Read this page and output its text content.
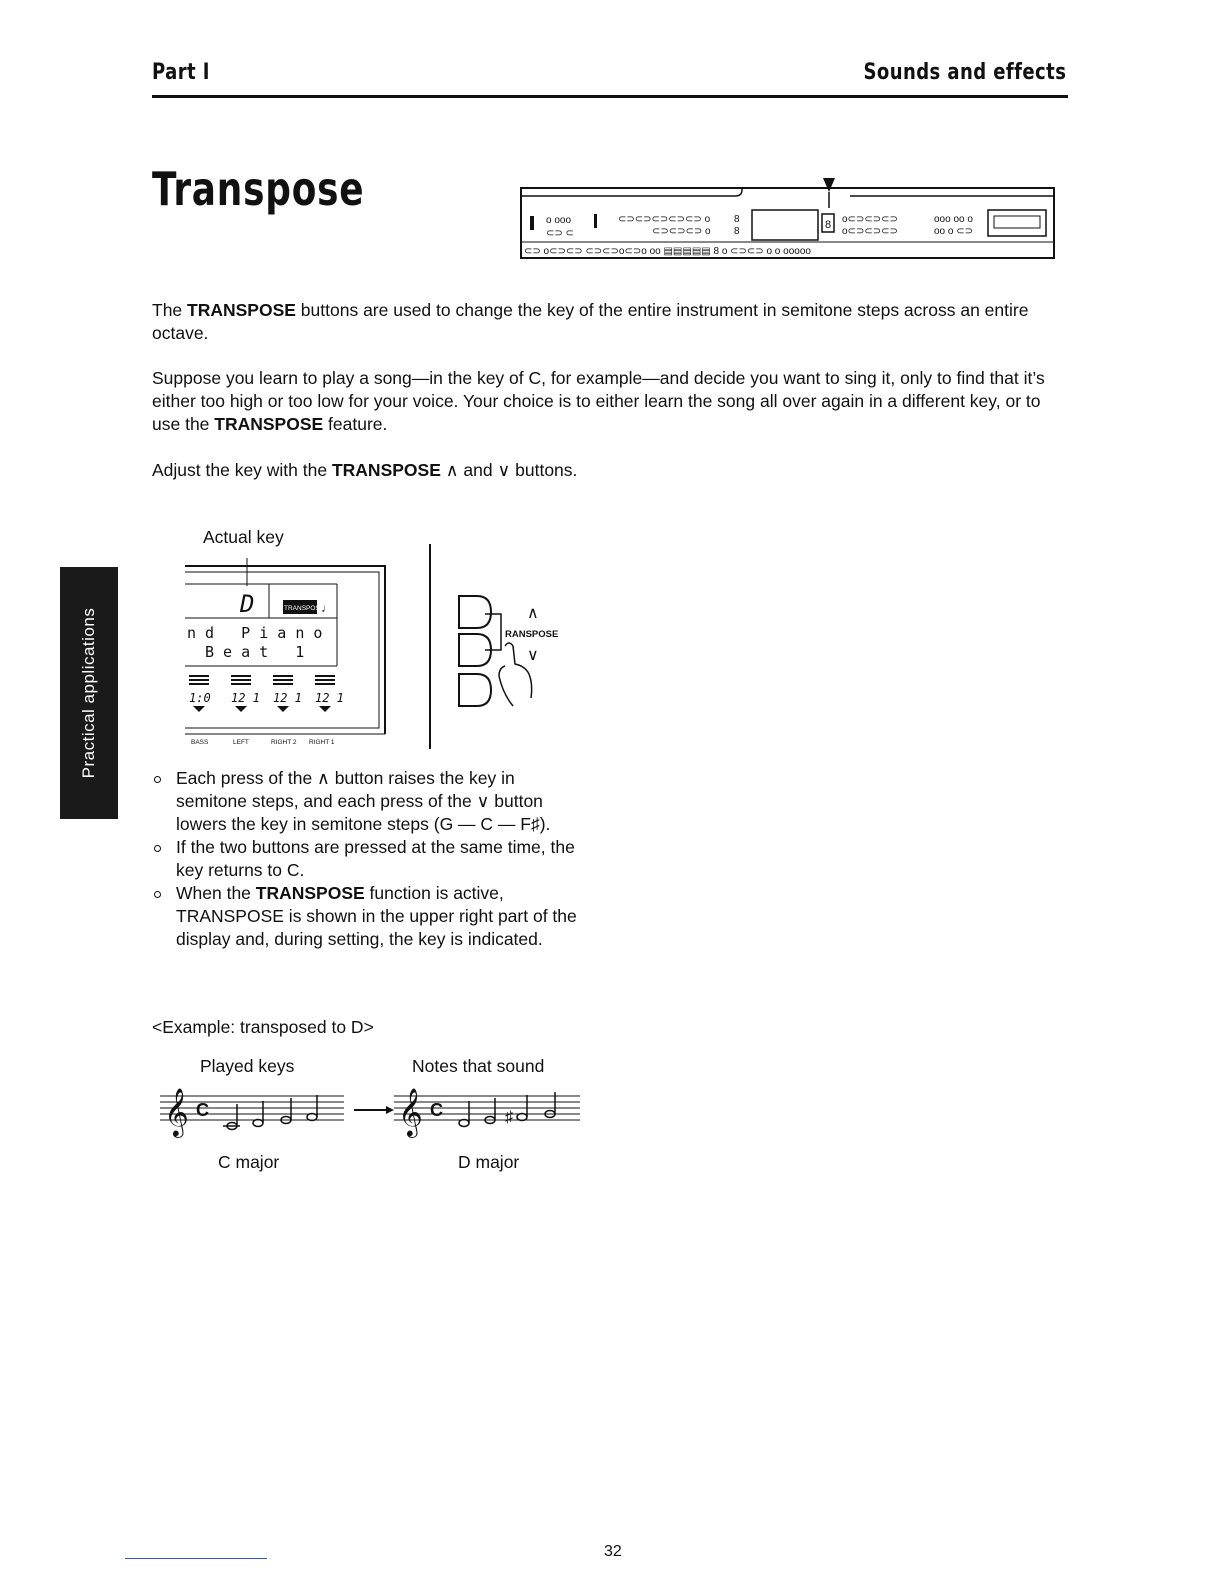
Part I	Sounds and effects
Transpose
o ooo
⊂⊃ ⊂
⊂⊃⊂⊃⊂⊃⊂⊃⊂⊃ o
⊂⊃⊂⊃⊂⊃ o
8
8
8 o⊂⊃⊂⊃⊂⊃
o⊂⊃⊂⊃⊂⊃
ooo oo o
oo o ⊂⊃
⊂⊃ o⊂⊃⊂⊃ ⊂⊃⊂⊃o⊂⊃o oo ▤▤▤▤▤ 8 o ⊂⊃⊂⊃ o o ooooo
The TRANSPOSE buttons are used to change the key of the entire instrument in semitone steps across an entire octave.
Suppose you learn to play a song—in the key of C, for example—and decide you want to sing it, only to find that it’s either too high or too low for your voice. Your choice is to either learn the song all over again in a different key, or to use the TRANSPOSE feature.
Adjust the key with the TRANSPOSE ∧ and ∨ buttons.
Practical applications
Actual key
D	TRANSPOSE
♩
n d   P i a n o
B e a t   1
1:0 12 1 12 1 12 1
BASS	LEFT	RIGHT 2 RIGHT 1
∧
RANSPOSE
∨
Each press of the ∧ button raises the key in semitone steps, and each press of the ∨ button lowers the key in semitone steps (G — C — F♯).
If the two buttons are pressed at the same time, the key returns to C.
When the TRANSPOSE function is active, TRANSPOSE is shown in the upper right part of the display and, during setting, the key is indicated.
<Example: transposed to D>
Played keys	Notes that sound
𝄞 C	𝄞 C	♯
C major	D major
32
